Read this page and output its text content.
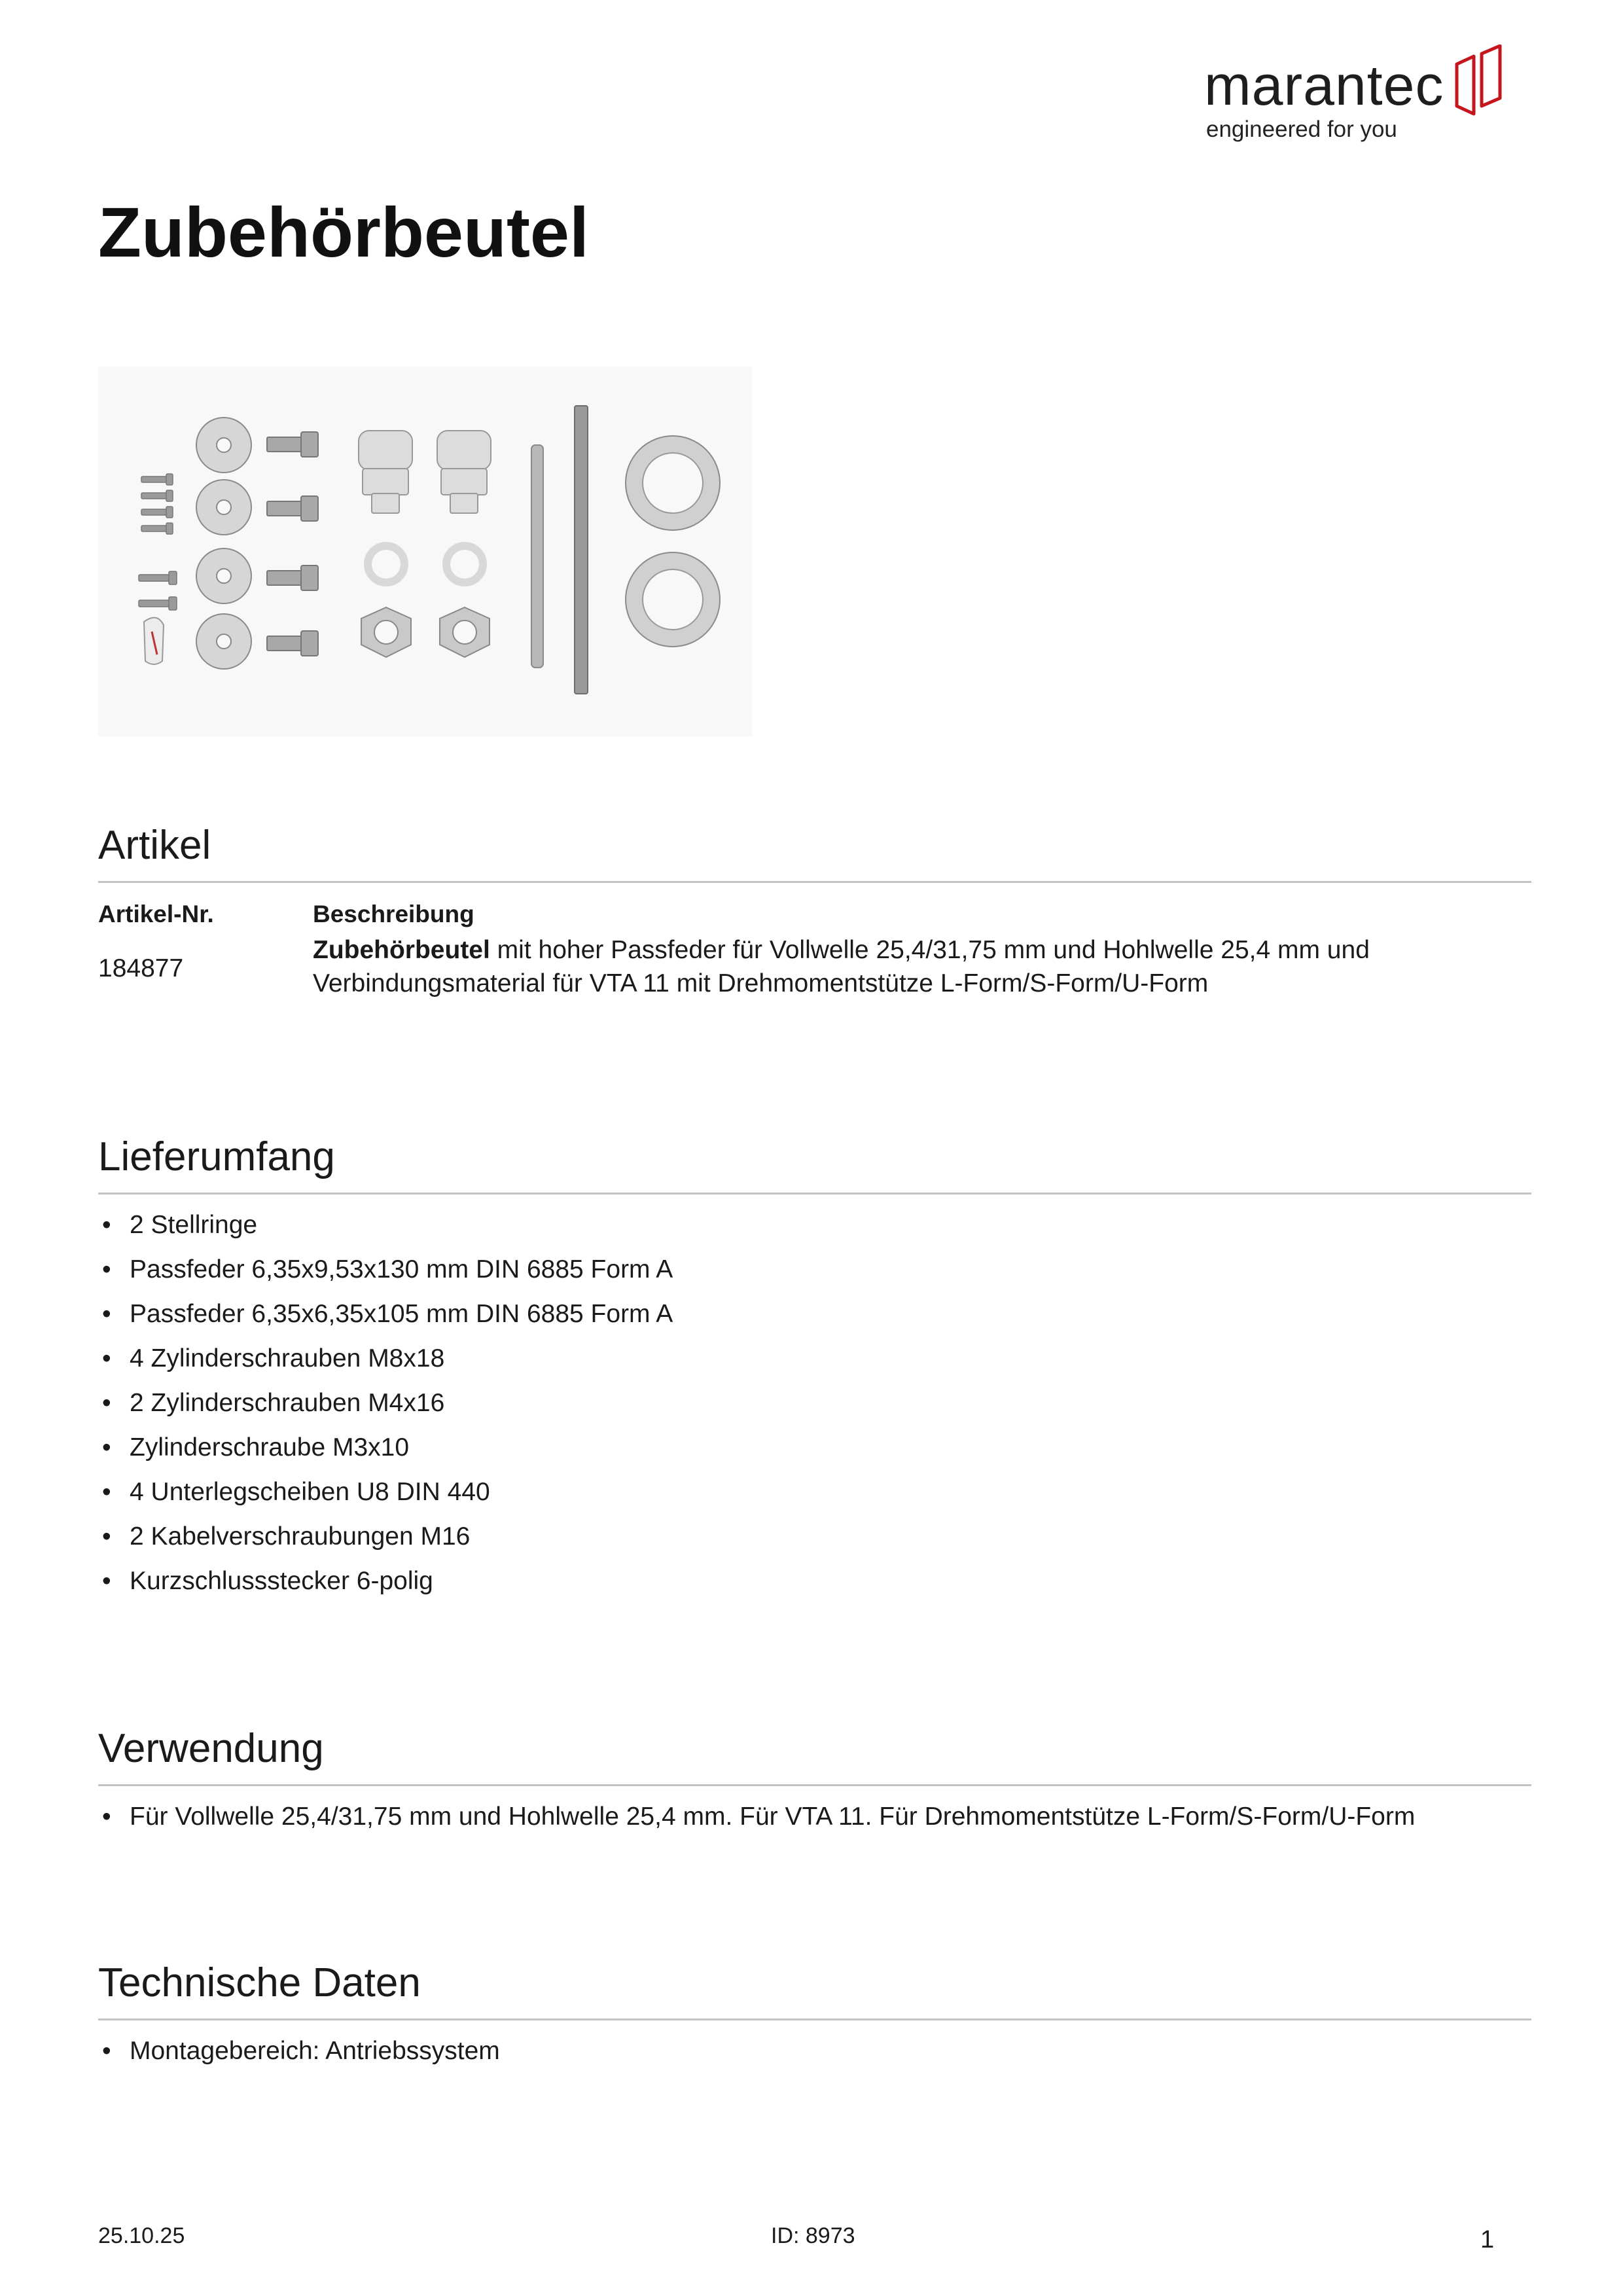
marantec
engineered for you
Zubehörbeutel
Artikel
Artikel-Nr.	Beschreibung
184877
Zubehörbeutel mit hoher Passfeder für Vollwelle 25,4/31,75 mm und Hohlwelle 25,4 mm und
Verbindungsmaterial für VTA 11 mit Drehmomentstütze L-Form/S-Form/U-Form
Lieferumfang
• 2 Stellringe
• Passfeder 6,35x9,53x130 mm DIN 6885 Form A
• Passfeder 6,35x6,35x105 mm DIN 6885 Form A
• 4 Zylinderschrauben M8x18
• 2 Zylinderschrauben M4x16
• Zylinderschraube M3x10
• 4 Unterlegscheiben U8 DIN 440
• 2 Kabelverschraubungen M16
• Kurzschlussstecker 6-polig
Verwendung
• Für Vollwelle 25,4/31,75 mm und Hohlwelle 25,4 mm. Für VTA 11. Für Drehmomentstütze L-Form/S-Form/U-Form
Technische Daten
• Montagebereich: Antriebssystem
25.10.25	ID: 8973	1
